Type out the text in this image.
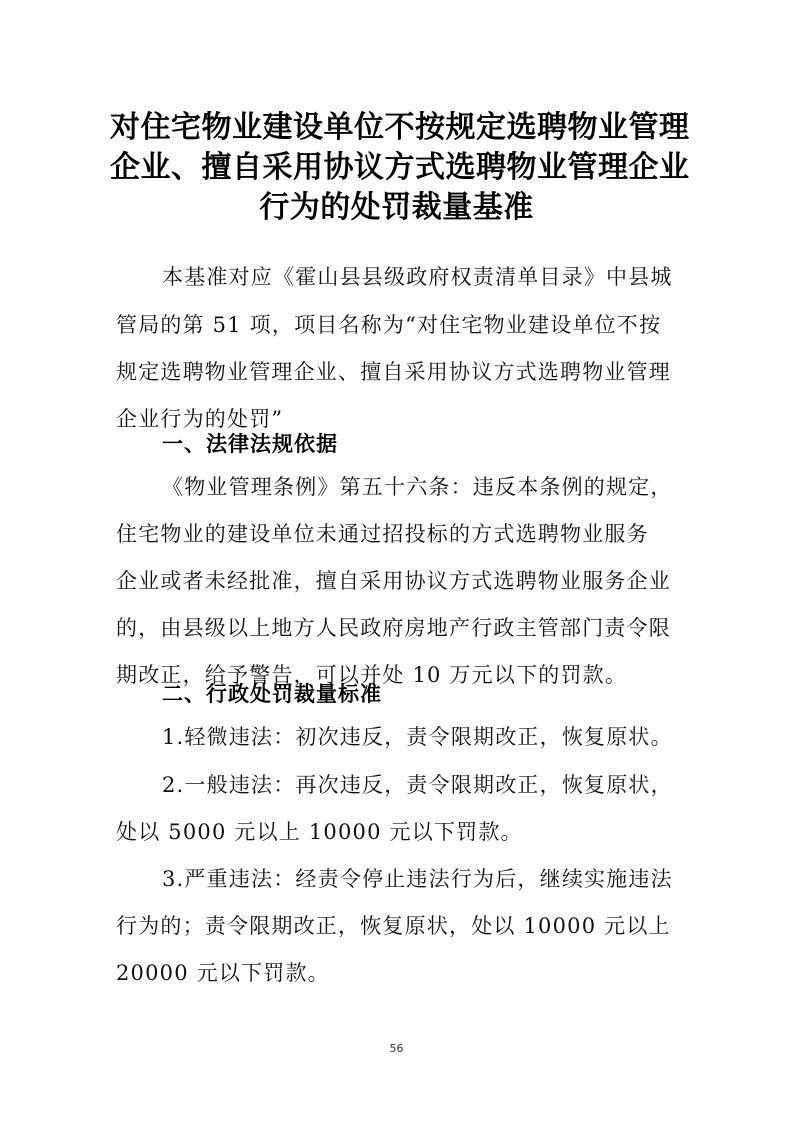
对住宅物业建设单位不按规定选聘物业管理
企业、擅自采用协议方式选聘物业管理企业
行为的处罚裁量基准
本基准对应《霍山县县级政府权责清单目录》中县城
管局的第 51 项，项目名称为“对住宅物业建设单位不按
规定选聘物业管理企业、擅自采用协议方式选聘物业管理
企业行为的处罚”
一、法律法规依据
《物业管理条例》第五十六条：违反本条例的规定，
住宅物业的建设单位未通过招投标的方式选聘物业服务
企业或者未经批准，擅自采用协议方式选聘物业服务企业
的，由县级以上地方人民政府房地产行政主管部门责令限
期改正，给予警告，可以并处 10 万元以下的罚款。
二、行政处罚裁量标准
1.轻微违法：初次违反，责令限期改正，恢复原状。
2.一般违法：再次违反，责令限期改正，恢复原状，
处以 5000 元以上 10000 元以下罚款。
3.严重违法：经责令停止违法行为后，继续实施违法
行为的；责令限期改正，恢复原状，处以 10000 元以上
20000 元以下罚款。
56
